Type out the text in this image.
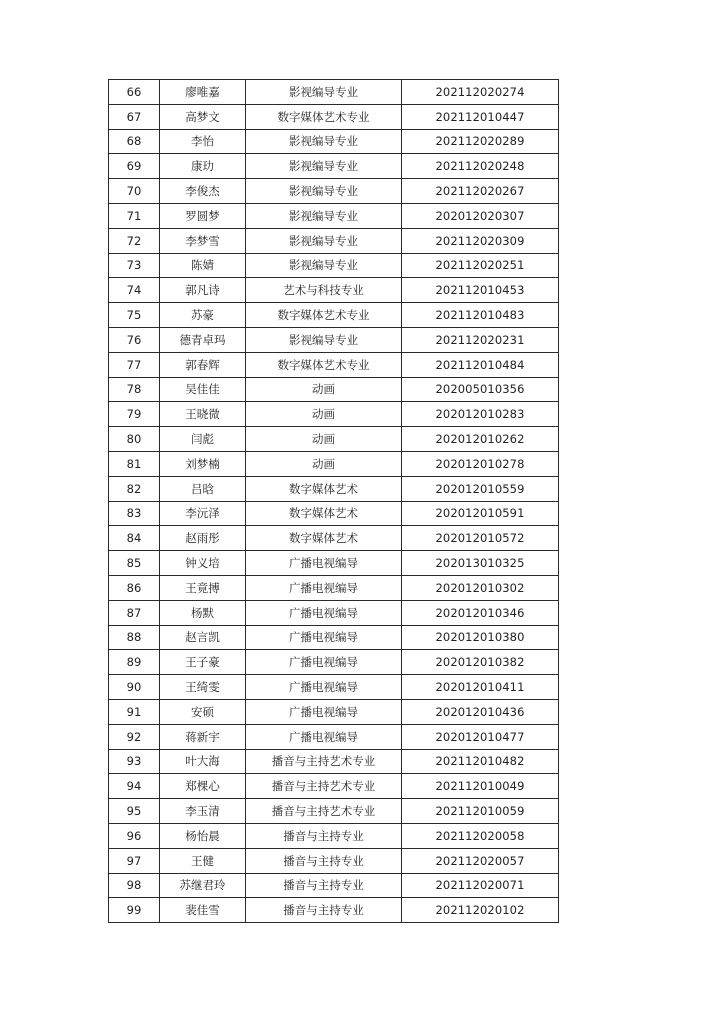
66	廖唯嘉	影视编导专业	202112020274
67	高梦文	数字媒体艺术专业	202112010447
68	李怡	影视编导专业	202112020289
69	康玏	影视编导专业	202112020248
70	李俊杰	影视编导专业	202112020267
71	罗圆梦	影视编导专业	202012020307
72	李梦雪	影视编导专业	202112020309
73	陈婧	影视编导专业	202112020251
74	郭凡诗	艺术与科技专业	202112010453
75	苏豪	数字媒体艺术专业	202112010483
76	德青卓玛	影视编导专业	202112020231
77	郭春辉	数字媒体艺术专业	202112010484
78	吴佳佳	动画	202005010356
79	王晓微	动画	202012010283
80	闫彪	动画	202012010262
81	刘梦楠	动画	202012010278
82	吕晗	数字媒体艺术	202012010559
83	李沅泽	数字媒体艺术	202012010591
84	赵雨彤	数字媒体艺术	202012010572
85	钟义培	广播电视编导	202013010325
86	王竟搏	广播电视编导	202012010302
87	杨默	广播电视编导	202012010346
88	赵言凯	广播电视编导	202012010380
89	王子豪	广播电视编导	202012010382
90	王绮雯	广播电视编导	202012010411
91	安硕	广播电视编导	202012010436
92	蒋新宇	广播电视编导	202012010477
93	叶大海	播音与主持艺术专业	202112010482
94	郑棵心	播音与主持艺术专业	202112010049
95	李玉清	播音与主持艺术专业	202112010059
96	杨怡晨	播音与主持专业	202112020058
97	王健	播音与主持专业	202112020057
98	苏继君玲	播音与主持专业	202112020071
99	裴佳雪	播音与主持专业	202112020102
